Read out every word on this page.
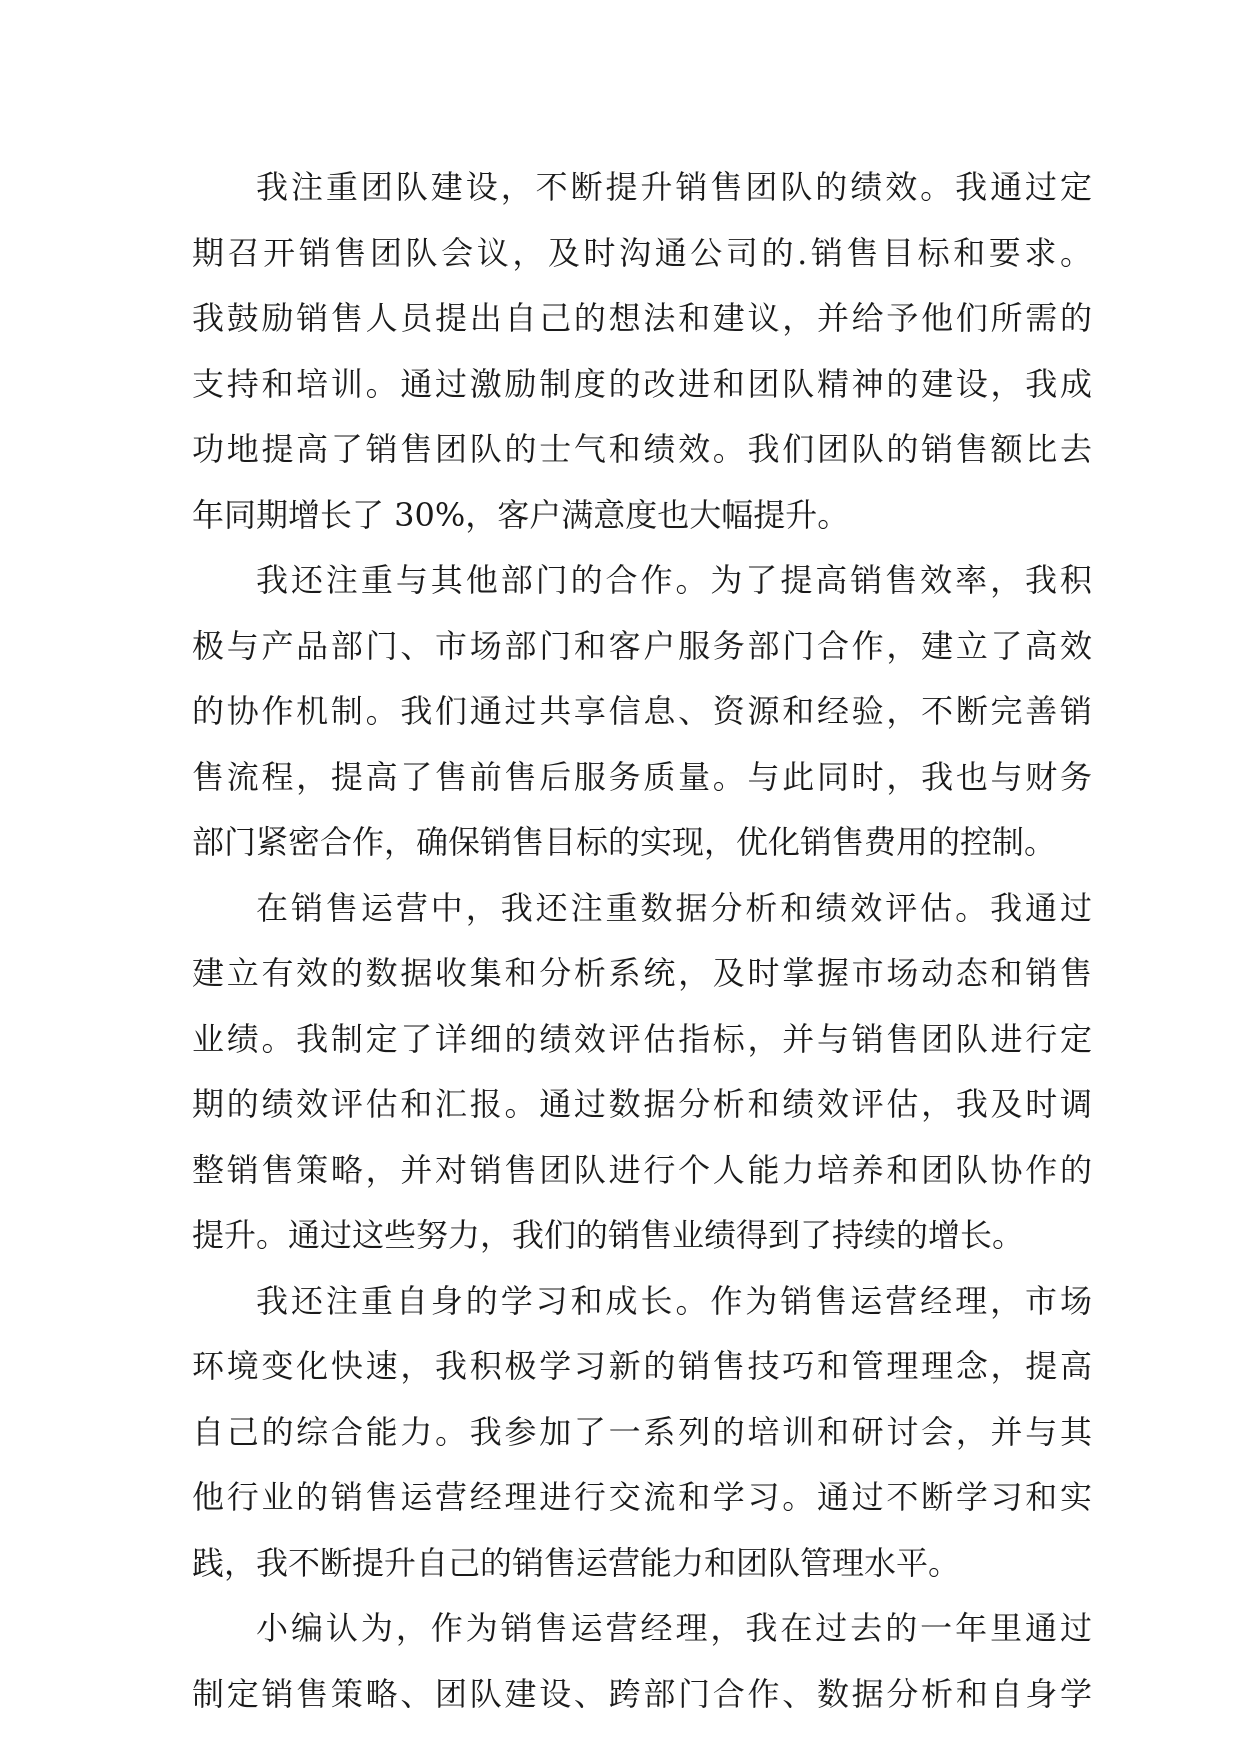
我注重团队建设，不断提升销售团队的绩效。我通过定
期召开销售团队会议，及时沟通公司的.销售目标和要求。
我鼓励销售人员提出自己的想法和建议，并给予他们所需的
支持和培训。通过激励制度的改进和团队精神的建设，我成
功地提高了销售团队的士气和绩效。我们团队的销售额比去
年同期增长了 30%，客户满意度也大幅提升。
我还注重与其他部门的合作。为了提高销售效率，我积
极与产品部门、市场部门和客户服务部门合作，建立了高效
的协作机制。我们通过共享信息、资源和经验，不断完善销
售流程，提高了售前售后服务质量。与此同时，我也与财务
部门紧密合作，确保销售目标的实现，优化销售费用的控制。
在销售运营中，我还注重数据分析和绩效评估。我通过
建立有效的数据收集和分析系统，及时掌握市场动态和销售
业绩。我制定了详细的绩效评估指标，并与销售团队进行定
期的绩效评估和汇报。通过数据分析和绩效评估，我及时调
整销售策略，并对销售团队进行个人能力培养和团队协作的
提升。通过这些努力，我们的销售业绩得到了持续的增长。
我还注重自身的学习和成长。作为销售运营经理，市场
环境变化快速，我积极学习新的销售技巧和管理理念，提高
自己的综合能力。我参加了一系列的培训和研讨会，并与其
他行业的销售运营经理进行交流和学习。通过不断学习和实
践，我不断提升自己的销售运营能力和团队管理水平。
小编认为，作为销售运营经理，我在过去的一年里通过
制定销售策略、团队建设、跨部门合作、数据分析和自身学
